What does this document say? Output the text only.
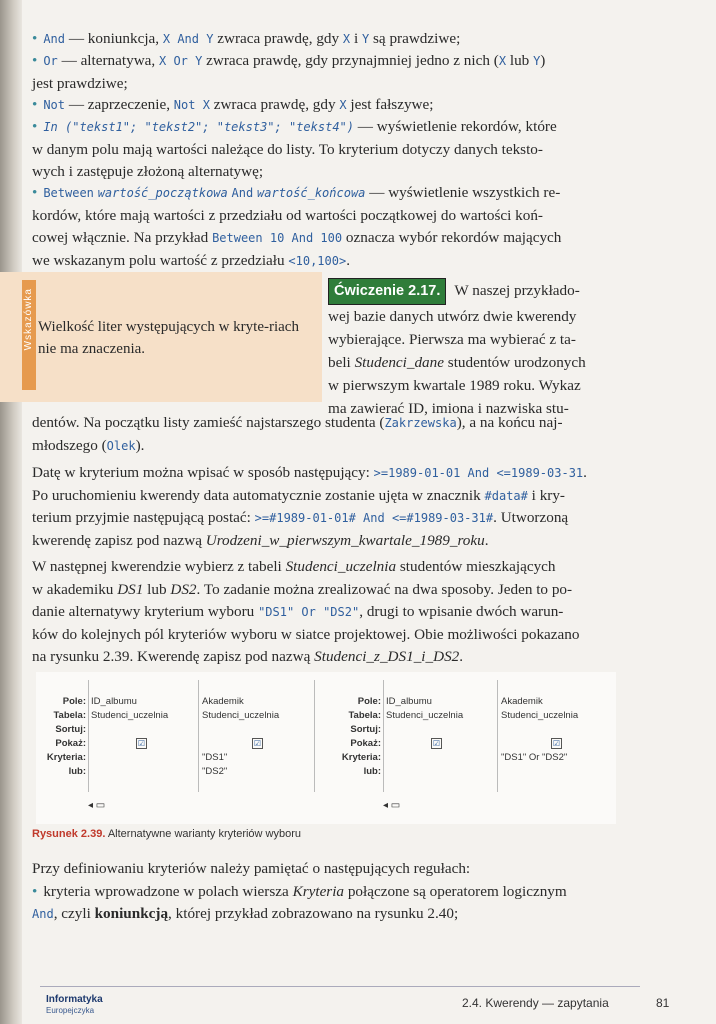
• And — koniunkcja, X And Y zwraca prawdę, gdy X i Y są prawdziwe;
• Or — alternatywa, X Or Y zwraca prawdę, gdy przynajmniej jedno z nich (X lub Y)
jest prawdziwe;
• Not — zaprzeczenie, Not X zwraca prawdę, gdy X jest fałszywe;
• In ("tekst1"; "tekst2"; "tekst3"; "tekst4") — wyświetlenie rekordów, które
w danym polu mają wartości należące do listy. To kryterium dotyczy danych teksto-
wych i zastępuje złożoną alternatywę;
• Between wartość_początkowa And wartość_końcowa — wyświetlenie wszystkich re-
kordów, które mają wartości z przedziału od wartości początkowej do wartości koń-
cowej włącznie. Na przykład Between 10 And 100 oznacza wybór rekordów mających
we wskazanym polu wartość z przedziału <10,100>.
Wskazówka Wielkość liter występujących w kryte-riach nie ma znaczenia.
Ćwiczenie 2.17. W naszej przykłado-
wej bazie danych utwórz dwie kwerendy
wybierające. Pierwsza ma wybierać z ta-
beli Studenci_dane studentów urodzonych
w pierwszym kwartale 1989 roku. Wykaz
ma zawierać ID, imiona i nazwiska stu-
dentów. Na początku listy zamieść najstarszego studenta (Zakrzewska), a na końcu naj-
młodszego (Olek).
Datę w kryterium można wpisać w sposób następujący: >=1989-01-01 And <=1989-03-31.
Po uruchomieniu kwerendy data automatycznie zostanie ujęta w znacznik #data# i kry-
terium przyjmie następującą postać: >=#1989-01-01# And <=#1989-03-31#. Utworzoną
kwerendę zapisz pod nazwą Urodzeni_w_pierwszym_kwartale_1989_roku.
W następnej kwerendzie wybierz z tabeli Studenci_uczelnia studentów mieszkających
w akademiku DS1 lub DS2. To zadanie można zrealizować na dwa sposoby. Jeden to po-
danie alternatywy kryterium wyboru "DS1" Or "DS2", drugi to wpisanie dwóch warun-
ków do kolejnych pól kryteriów wyboru w siatce projektowej. Obie możliwości pokazano
na rysunku 2.39. Kwerendę zapisz pod nazwą Studenci_z_DS1_i_DS2.
Pole:
Tabela:
Sortuj:
Pokaż:
Kryteria:
lub:
ID_albumu
Studenci_uczelnia
☑
Akademik
Studenci_uczelnia
☑
"DS1"
"DS2"
◂ ▭
Pole:
Tabela:
Sortuj:
Pokaż:
Kryteria:
lub:
ID_albumu
Studenci_uczelnia
☑
Akademik
Studenci_uczelnia
☑
"DS1" Or "DS2"
◂ ▭
Rysunek 2.39. Alternatywne warianty kryteriów wyboru
Przy definiowaniu kryteriów należy pamiętać o następujących regułach:
• kryteria wprowadzone w polach wiersza Kryteria połączone są operatorem logicznym
And, czyli koniunkcją, której przykład zobrazowano na rysunku 2.40;
Informatyka
Europejczyka
2.4. Kwerendy — zapytania	81
